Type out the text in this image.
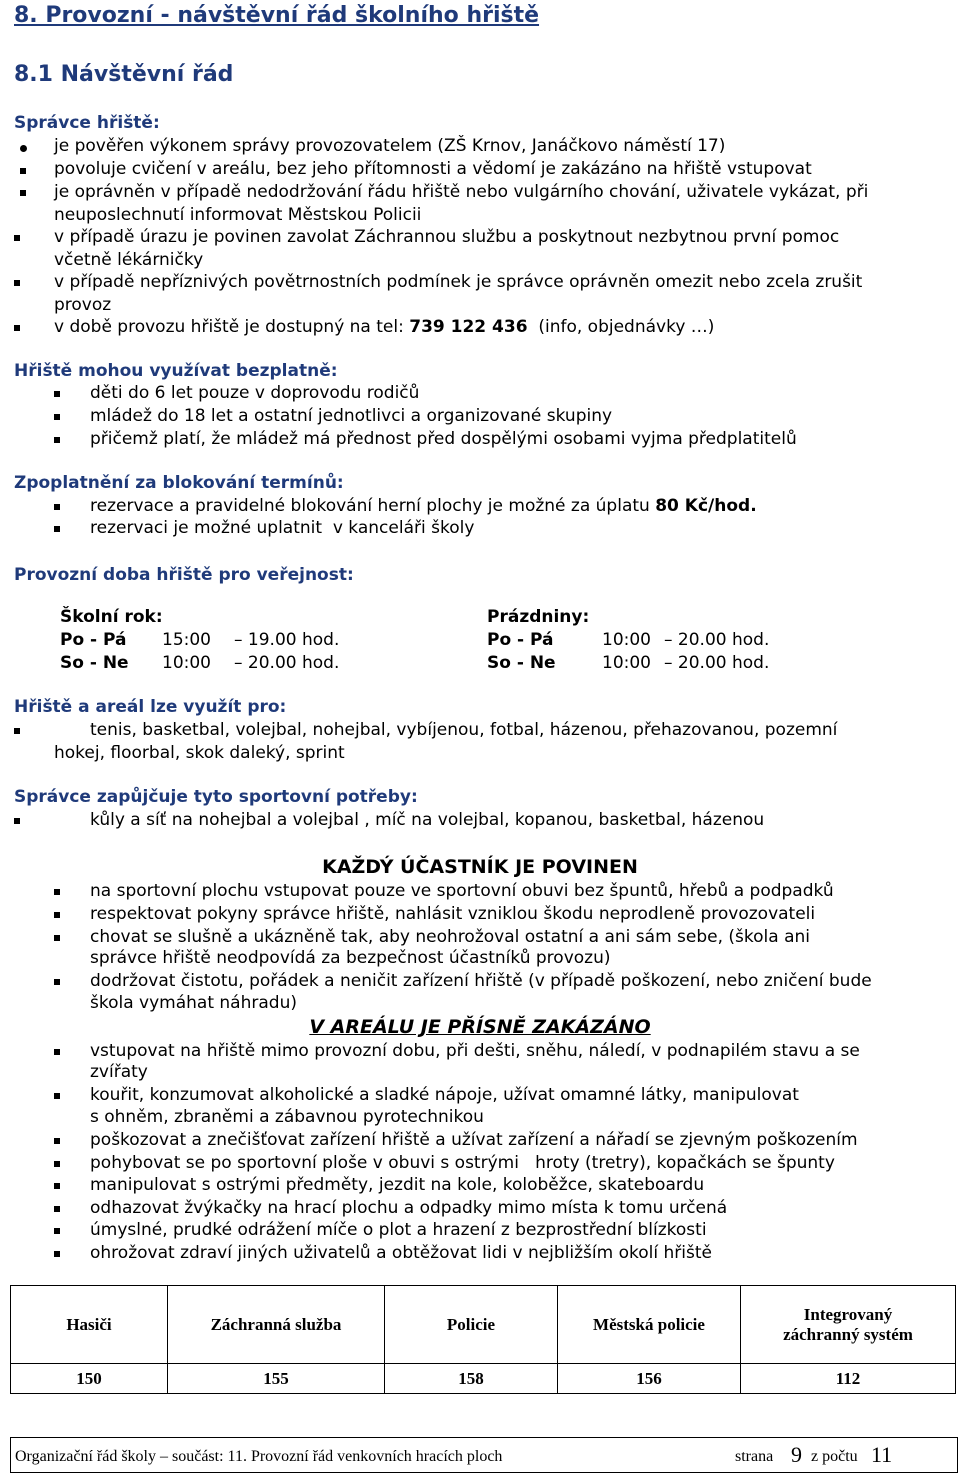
8. Provozní - návštěvní řád školního hřiště
8.1 Návštěvní řád
Správce hřiště:
je pověřen výkonem správy provozovatelem (ZŠ Krnov, Janáčkovo náměstí 17)
povoluje cvičení v areálu, bez jeho přítomnosti a vědomí je zakázáno na hřiště vstupovat
je oprávněn v případě nedodržování řádu hřiště nebo vulgárního chování, uživatele vykázat, při
neuposlechnutí informovat Městskou Policii
v případě úrazu je povinen zavolat Záchrannou službu a poskytnout nezbytnou první pomoc
včetně lékárničky
v případě nepříznivých povětrnostních podmínek je správce oprávněn omezit nebo zcela zrušit
provoz
v době provozu hřiště je dostupný na tel: 739 122 436  (info, objednávky …)
Hřiště mohou využívat bezplatně:
děti do 6 let pouze v doprovodu rodičů
mládež do 18 let a ostatní jednotlivci a organizované skupiny
přičemž platí, že mládež má přednost před dospělými osobami vyjma předplatitelů
Zpoplatnění za blokování termínů:
rezervace a pravidelné blokování herní plochy je možné za úplatu 80 Kč/hod.
rezervaci je možné uplatnit  v kanceláři školy
Provozní doba hřiště pro veřejnost:
Školní rok:	Prázdniny:
Po - Pá 15:00 – 19.00 hod.	Po - Pá	10:00 – 20.00 hod.
So - Ne 10:00 – 20.00 hod.	So - Ne	10:00 – 20.00 hod.
Hřiště a areál lze využít pro:
tenis, basketbal, volejbal, nohejbal, vybíjenou, fotbal, házenou, přehazovanou, pozemní
hokej, floorbal, skok daleký, sprint
Správce zapůjčuje tyto sportovní potřeby:
kůly a síť na nohejbal a volejbal , míč na volejbal, kopanou, basketbal, házenou
KAŽDÝ ÚČASTNÍK JE POVINEN
na sportovní plochu vstupovat pouze ve sportovní obuvi bez špuntů, hřebů a podpadků
respektovat pokyny správce hřiště, nahlásit vzniklou škodu neprodleně provozovateli
chovat se slušně a ukázněně tak, aby neohrožoval ostatní a ani sám sebe, (škola ani
správce hřiště neodpovídá za bezpečnost účastníků provozu)
dodržovat čistotu, pořádek a neničit zařízení hřiště (v případě poškození, nebo zničení bude
škola vymáhat náhradu)
V AREÁLU JE PŘÍSNĚ ZAKÁZÁNO
vstupovat na hřiště mimo provozní dobu, při dešti, sněhu, náledí, v podnapilém stavu a se
zvířaty
kouřit, konzumovat alkoholické a sladké nápoje, užívat omamné látky, manipulovat
s ohněm, zbraněmi a zábavnou pyrotechnikou
poškozovat a znečišťovat zařízení hřiště a užívat zařízení a nářadí se zjevným poškozením
pohybovat se po sportovní ploše v obuvi s ostrými   hroty (tretry), kopačkách se špunty
manipulovat s ostrými předměty, jezdit na kole, koloběžce, skateboardu
odhazovat žvýkačky na hrací plochu a odpadky mimo místa k tomu určená
úmyslné, prudké odrážení míče o plot a hrazení z bezprostřední blízkosti
ohrožovat zdraví jiných uživatelů a obtěžovat lidi v nejbližším okolí hřiště
Hasiči	Záchranná služba	Policie	Městská policie	Integrovaný záchranný systém
150	155	158	156	112
Organizační řád školy – součást: 11. Provozní řád venkovních hracích ploch	strana 9 z počtu 11
